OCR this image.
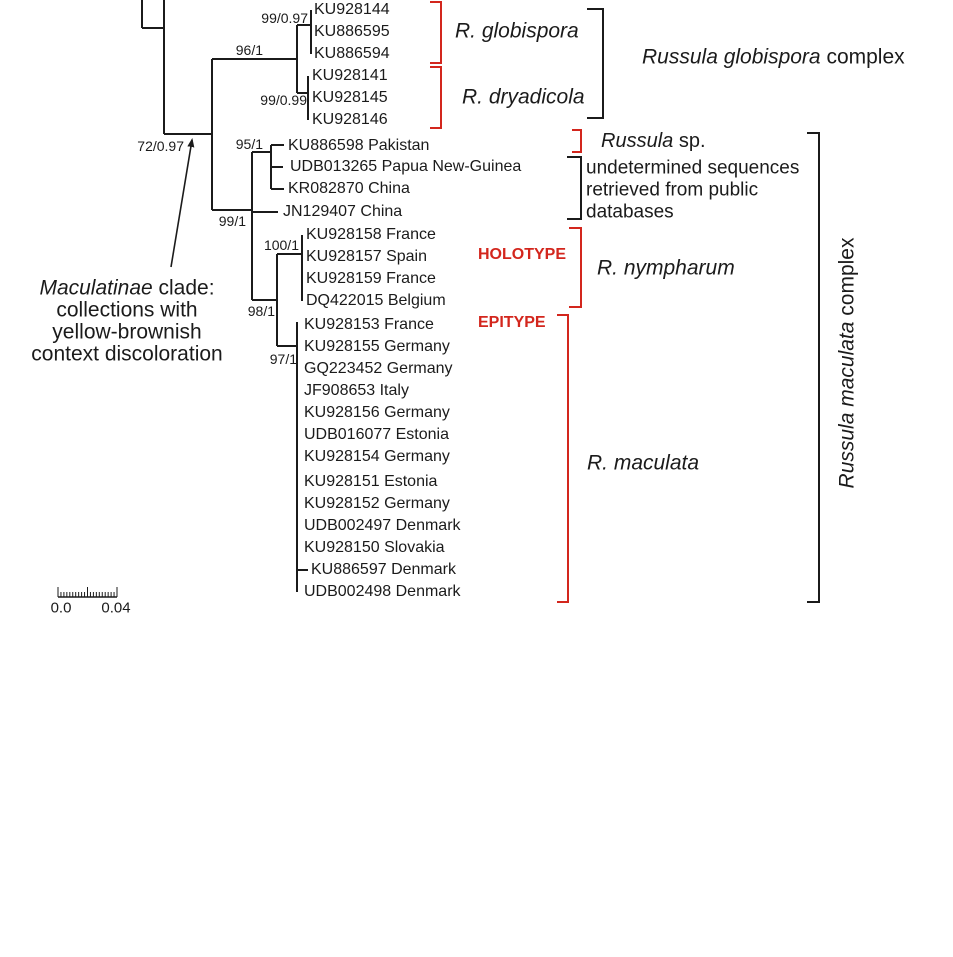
0.0 0.04
KU928144
KU886595
KU886594
KU928141
KU928145
KU928146
KU886598 Pakistan
UDB013265 Papua New-Guinea
KR082870 China
JN129407 China
KU928158 France
KU928157 Spain
KU928159 France
DQ422015 Belgium
KU928153 France
KU928155 Germany
GQ223452 Germany
JF908653 Italy
KU928156 Germany
UDB016077 Estonia
KU928154 Germany
KU928151 Estonia
KU928152 Germany
UDB002497 Denmark
KU928150 Slovakia
KU886597 Denmark
UDB002498 Denmark
99/0.97
96/1
99/0.99
72/0.97	95/1
99/1
100/1
98/1
97/1
R. globispora
R. dryadicola
Russula globispora complex
Russula sp.
undetermined sequences
retrieved from public
databases
HOLOTYPE
R. nympharum
EPITYPE
R. maculata	Russula maculata complex
Maculatinae clade:
collections with
yellow-brownish
context discoloration
